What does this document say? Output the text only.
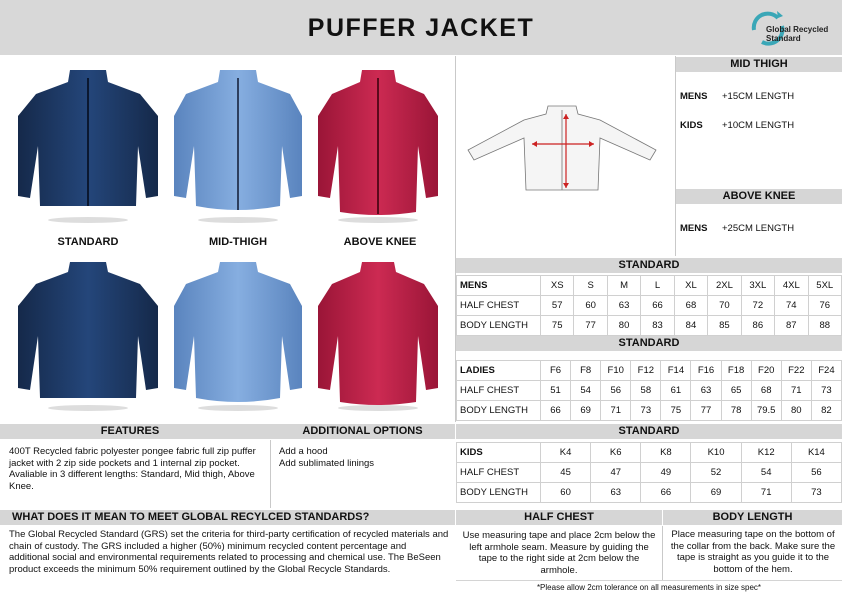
PUFFER JACKET	Global Recycled Standard
STANDARD	MID-THIGH	ABOVE KNEE
MID THIGH
MENS +15CM LENGTH
KIDS +10CM LENGTH
ABOVE KNEE
MENS +25CM LENGTH
STANDARD
MENS	XS	S	M	L	XL	2XL	3XL	4XL	5XL
HALF CHEST	57	60	63	66	68	70	72	74	76
BODY LENGTH	75	77	80	83	84	85	86	87	88
STANDARD
LADIES	F6	F8	F10	F12	F14	F16	F18	F20	F22	F24
HALF CHEST	51	54	56	58	61	63	65	68	71	73
BODY LENGTH	66	69	71	73	75	77	78	79.5	80	82
FEATURES	ADDITIONAL OPTIONS
400T Recycled fabric polyester pongee fabric full zip puffer jacket with 2 zip side pockets and 1 internal zip pocket. Avaliable in 3 different lengths: Standard, Mid thigh, Above Knee.
Add a hood
Add sublimated linings
STANDARD
KIDS	K4	K6	K8	K10	K12	K14
HALF CHEST	45	47	49	52	54	56
BODY LENGTH	60	63	66	69	71	73
WHAT DOES IT MEAN TO MEET GLOBAL RECYLCED STANDARDS?
The Global Recycled Standard (GRS) set the criteria for third-party certification of recycled materials and chain of custody. The GRS included a higher (50%) minimum recycled content percentage and additional social and environmental requirements related to processing and chemical use. The BeSeen product exceeds the minimum 50% requirement outlined by the Global Recycle Standards.
HALF CHEST	BODY LENGTH
Use measuring tape and place 2cm below the left armhole seam. Measure by guiding the tape to the right side at 2cm below the armhole.
Place measuring tape on the bottom of the collar from the back. Make sure the tape is straight as you guide it to the bottom of the hem.
*Please allow 2cm tolerance on all measurements in size spec*
